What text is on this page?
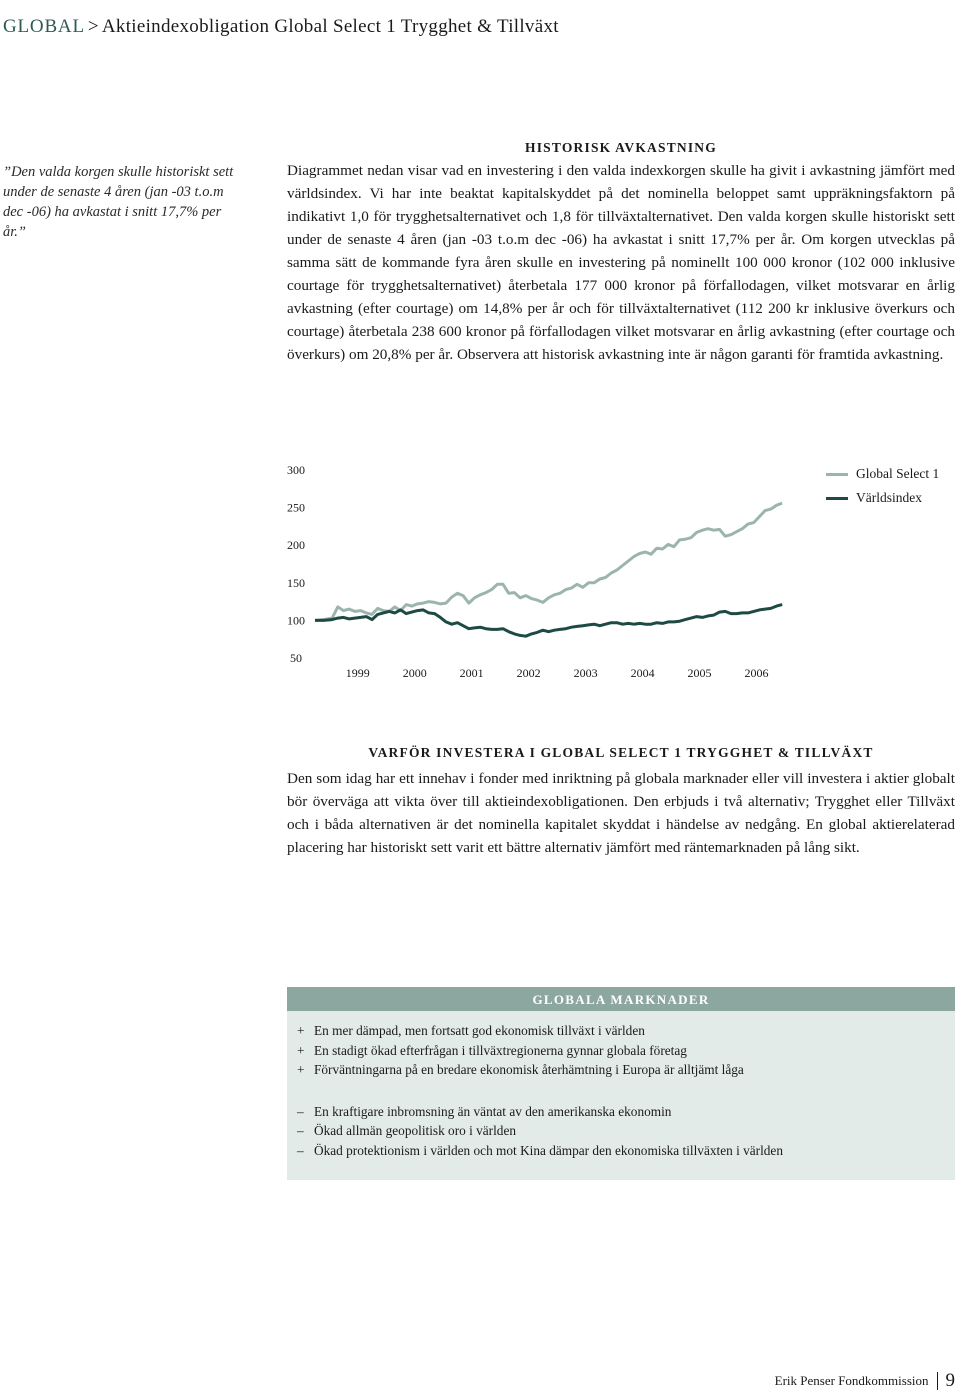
GLOBAL > Aktieindexobligation Global Select 1 Trygghet & Tillväxt
”Den valda korgen skulle historiskt sett under de senaste 4 åren (jan -03 t.o.m dec -06) ha avkastat i snitt 17,7% per år.”
HISTORISK AVKASTNING
Diagrammet nedan visar vad en investering i den valda indexkorgen skulle ha givit i avkastning jämfört med världsindex. Vi har inte beaktat kapitalskyddet på det nominella beloppet samt uppräkningsfaktorn på indikativt 1,0 för trygghetsalternativet och 1,8 för tillväxtalternativet. Den valda korgen skulle historiskt sett under de senaste 4 åren (jan -03 t.o.m dec -06) ha avkastat i snitt 17,7% per år. Om korgen utvecklas på samma sätt de kommande fyra åren skulle en investering på nominellt 100 000 kronor (102 000 inklusive courtage för trygghetsalternativet) återbetala 177 000 kronor på förfallodagen, vilket motsvarar en årlig avkastning (efter courtage) om 14,8% per år och för tillväxtalternativet (112 200 kr inklusive överkurs och courtage) återbetala 238 600 kronor på förfallodagen vilket motsvarar en årlig avkastning (efter courtage och överkurs) om 20,8% per år. Observera att historisk avkastning inte är någon garanti för framtida avkastning.
300
250
200
150
100
50
1999	2000	2001	2002	2003	2004	2005	2006
Global Select 1
Världsindex
VARFÖR INVESTERA I GLOBAL SELECT 1 TRYGGHET & TILLVÄXT
Den som idag har ett innehav i fonder med inriktning på globala marknader eller vill investera i aktier globalt bör överväga att vikta över till aktieindexobligationen. Den erbjuds i två alternativ; Trygghet eller Tillväxt och i båda alternativen är det nominella kapitalet skyddat i händelse av nedgång. En global aktierelaterad placering har historiskt sett varit ett bättre alternativ jämfört med räntemarknaden på lång sikt.
GLOBALA MARKNADER
+ En mer dämpad, men fortsatt god ekonomisk tillväxt i världen
+ En stadigt ökad efterfrågan i tillväxtregionerna gynnar globala företag
+ Förväntningarna på en bredare ekonomisk återhämtning i Europa är alltjämt låga
– En kraftigare inbromsning än väntat av den amerikanska ekonomin
– Ökad allmän geopolitisk oro i världen
– Ökad protektionism i världen och mot Kina dämpar den ekonomiska tillväxten i världen
Erik Penser Fondkommission 9
